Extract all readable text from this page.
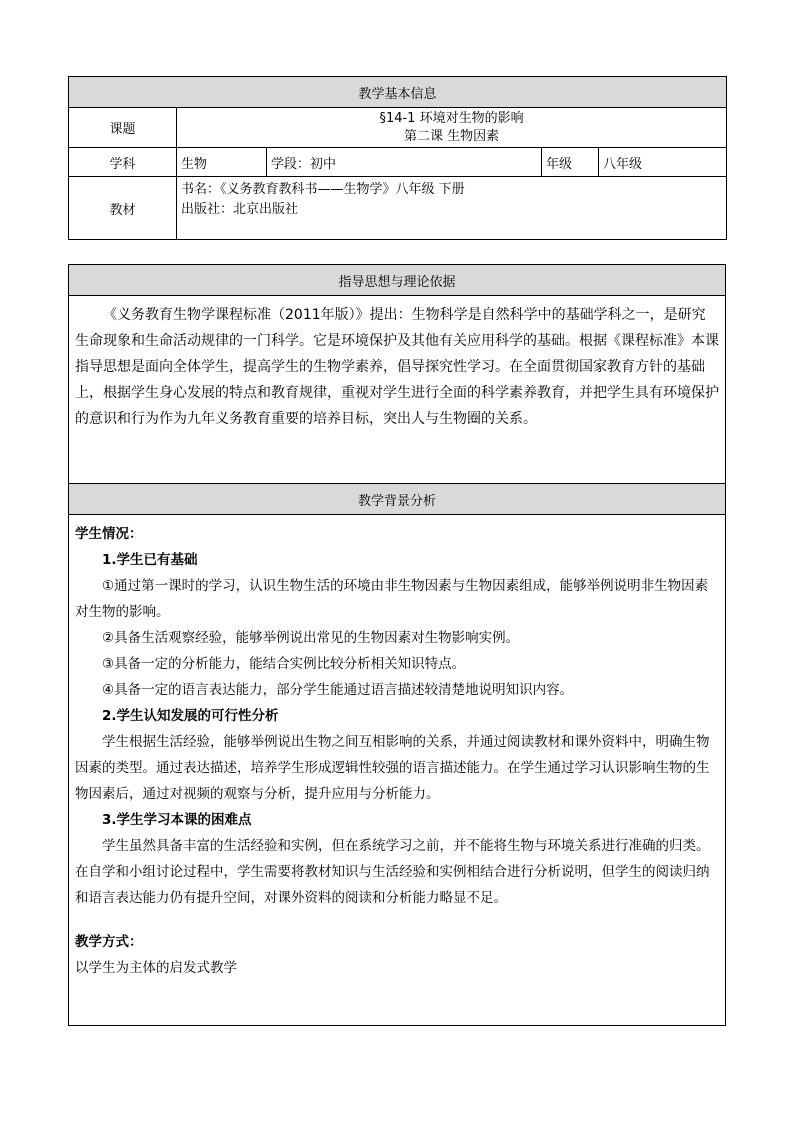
教学基本信息				
课题	§14-1 环境对生物的影响
第二课 生物因素			

学科	生物	学段：初中	年级	八年级
教材	书名：《义务教育教科书——生物学》八年级 下册
出版社：北京出版社			
指导思想与理论依据

《义务教育生物学课程标准（2011年版）》提出：生物科学是自然科学中的基础学科之一，是研究生命现象和生命活动规律的一门科学。它是环境保护及其他有关应用科学的基础。根据《课程标准》本课指导思想是面向全体学生，提高学生的生物学素养，倡导探究性学习。在全面贯彻国家教育方针的基础上，根据学生身心发展的特点和教育规律，重视对学生进行全面的科学素养教育，并把学生具有环境保护的意识和行为作为九年义务教育重要的培养目标，突出人与生物圈的关系。

教学背景分析

学生情况：

1.学生已有基础

①通过第一课时的学习，认识生物生活的环境由非生物因素与生物因素组成，能够举例说明非生物因素对生物的影响。

②具备生活观察经验，能够举例说出常见的生物因素对生物影响实例。

③具备一定的分析能力，能结合实例比较分析相关知识特点。

④具备一定的语言表达能力，部分学生能通过语言描述较清楚地说明知识内容。

2.学生认知发展的可行性分析

学生根据生活经验，能够举例说出生物之间互相影响的关系，并通过阅读教材和课外资料中，明确生物因素的类型。通过表达描述，培养学生形成逻辑性较强的语言描述能力。在学生通过学习认识影响生物的生物因素后，通过对视频的观察与分析，提升应用与分析能力。

3.学生学习本课的困难点

学生虽然具备丰富的生活经验和实例，但在系统学习之前，并不能将生物与环境关系进行准确的归类。在自学和小组讨论过程中，学生需要将教材知识与生活经验和实例相结合进行分析说明，但学生的阅读归纳和语言表达能力仍有提升空间，对课外资料的阅读和分析能力略显不足。

教学方式：

以学生为主体的启发式教学
